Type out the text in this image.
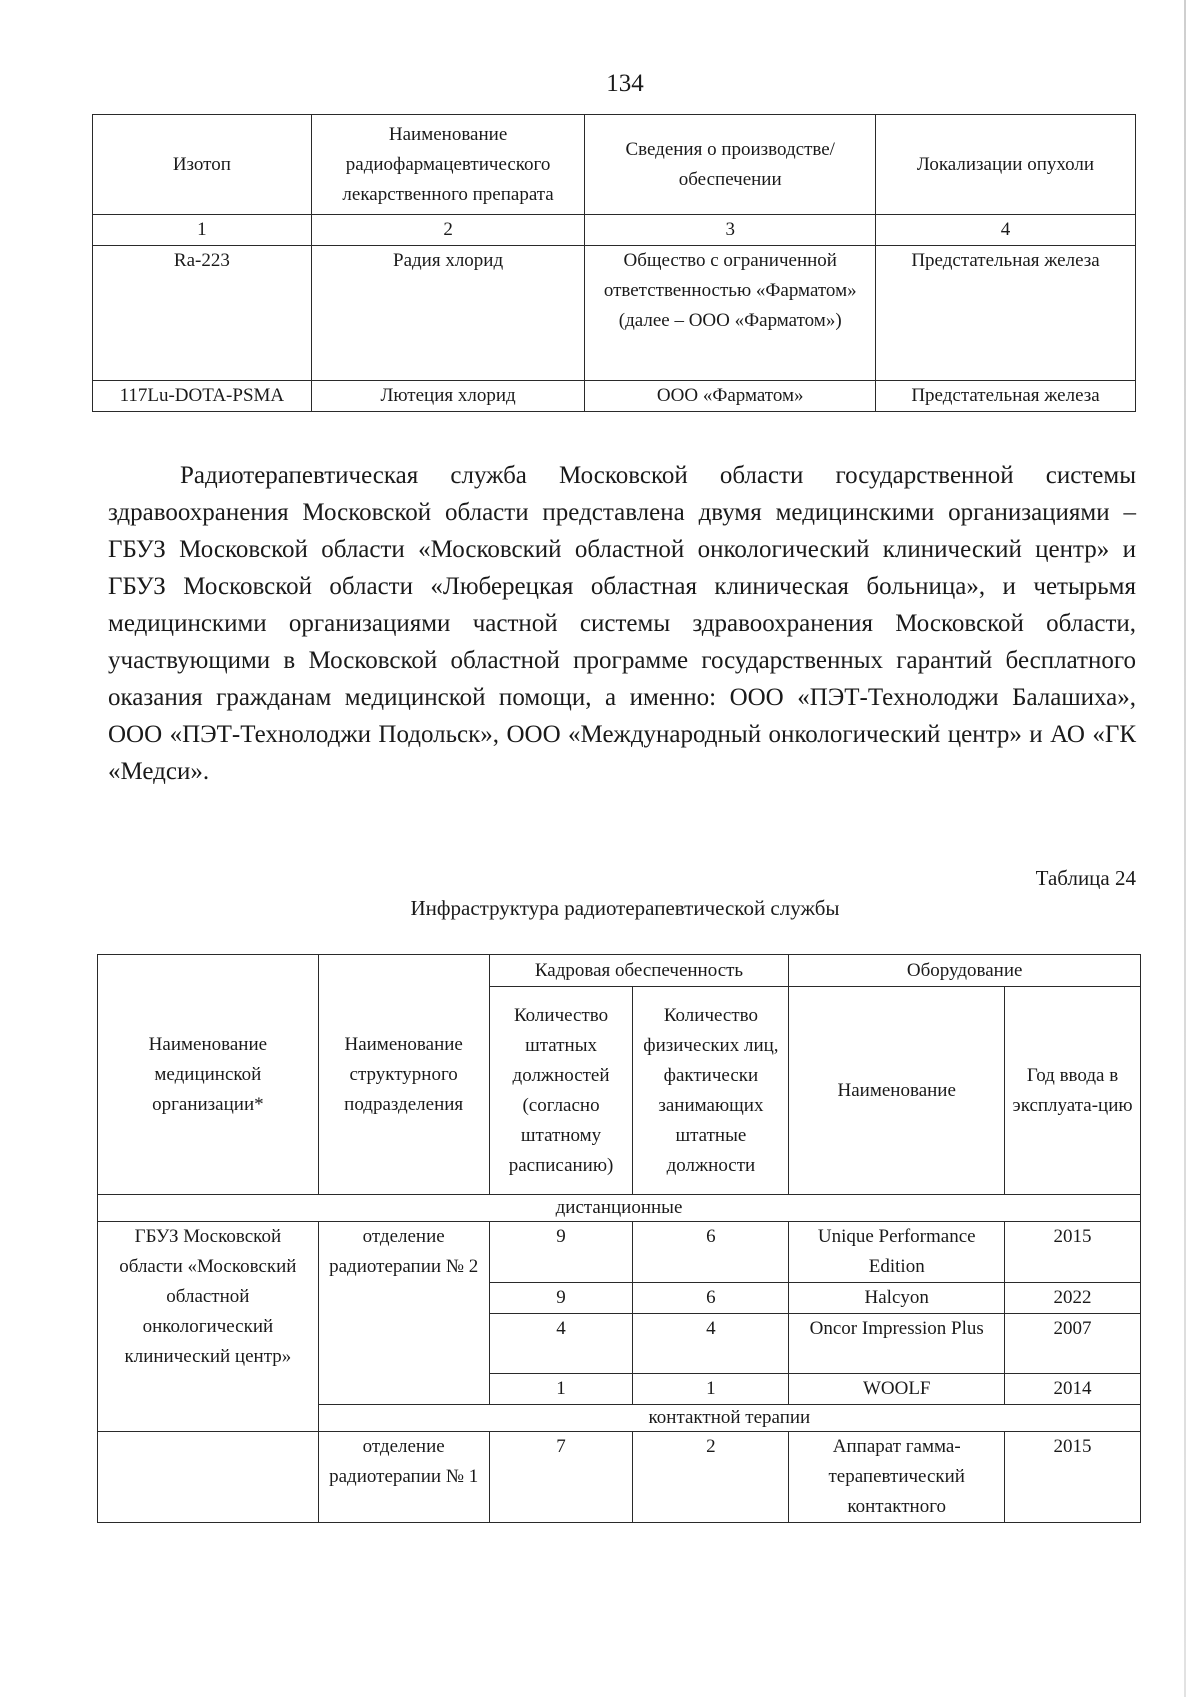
134
Изотоп	Наименование радиофармацевтического лекарственного препарата	Сведения о производстве/обеспечении	Локализации опухоли
1	2	3	4
Ra-223	Радия хлорид	Общество с ограниченной ответственностью «Фарматом» (далее – ООО «Фарматом»)	Предстательная железа
117Lu-DOTA-PSMA	Лютеция хлорид	ООО «Фарматом»	Предстательная железа

Радиотерапевтическая служба Московской области государственной системы здравоохранения Московской области представлена двумя медицинскими организациями – ГБУЗ Московской области «Московский областной онкологический клинический центр» и ГБУЗ Московской области «Люберецкая областная клиническая больница», и четырьмя медицинскими организациями частной системы здравоохранения Московской области, участвующими в Московской областной программе государственных гарантий бесплатного оказания гражданам медицинской помощи, а именно: ООО «ПЭТ-Технолоджи Балашиха», ООО «ПЭТ-Технолоджи Подольск», ООО «Международный онкологический центр» и АО «ГК «Медси».

Таблица 24
Инфраструктура радиотерапевтической службы
Наименование медицинской организации*	Наименование структурного подразделения	Кадровая обеспеченность		Оборудование	
		Количество штатных должностей (согласно штатному расписанию)	Количество физических лиц, фактически занимающих штатные должности	Наименование	Год ввода в эксплуата-цию
дистанционные					
ГБУЗ Московской области «Московский областной онкологический клинический центр»	отделение радиотерапии № 2	9	6	Unique Performance Edition	2015
		9	6	Halcyon	2022
		4	4	Oncor Impression Plus	2007
		1	1	WOOLF	2014
	контактной терапии				
	отделение радиотерапии № 1	7	2	Аппарат гамма-терапевтический контактного	2015
